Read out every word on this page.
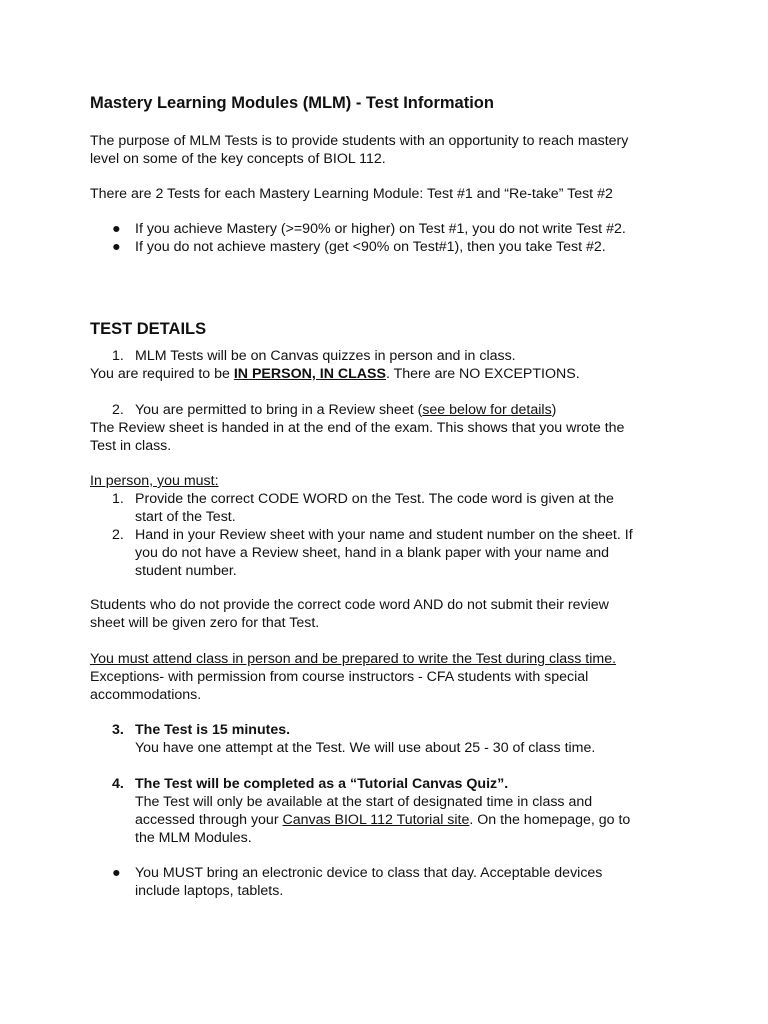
Mastery Learning Modules (MLM) - Test Information
The purpose of MLM Tests is to provide students with an opportunity to reach mastery
level on some of the key concepts of BIOL 112.
There are 2 Tests for each Mastery Learning Module: Test #1 and “Re-take” Test #2
● If you achieve Mastery (>=90% or higher) on Test #1, you do not write Test #2.
● If you do not achieve mastery (get <90% on Test#1), then you take Test #2.
TEST DETAILS
1. MLM Tests will be on Canvas quizzes in person and in class.
You are required to be IN PERSON, IN CLASS. There are NO EXCEPTIONS.
2. You are permitted to bring in a Review sheet (see below for details)
The Review sheet is handed in at the end of the exam. This shows that you wrote the
Test in class.
In person, you must:
1. Provide the correct CODE WORD on the Test. The code word is given at the
start of the Test.
2. Hand in your Review sheet with your name and student number on the sheet. If
you do not have a Review sheet, hand in a blank paper with your name and
student number.
Students who do not provide the correct code word AND do not submit their review
sheet will be given zero for that Test.
You must attend class in person and be prepared to write the Test during class time.
Exceptions- with permission from course instructors - CFA students with special
accommodations.
3. The Test is 15 minutes.
You have one attempt at the Test. We will use about 25 - 30 of class time.
4. The Test will be completed as a “Tutorial Canvas Quiz”.
The Test will only be available at the start of designated time in class and
accessed through your Canvas BIOL 112 Tutorial site. On the homepage, go to
the MLM Modules.
● You MUST bring an electronic device to class that day. Acceptable devices
include laptops, tablets.
